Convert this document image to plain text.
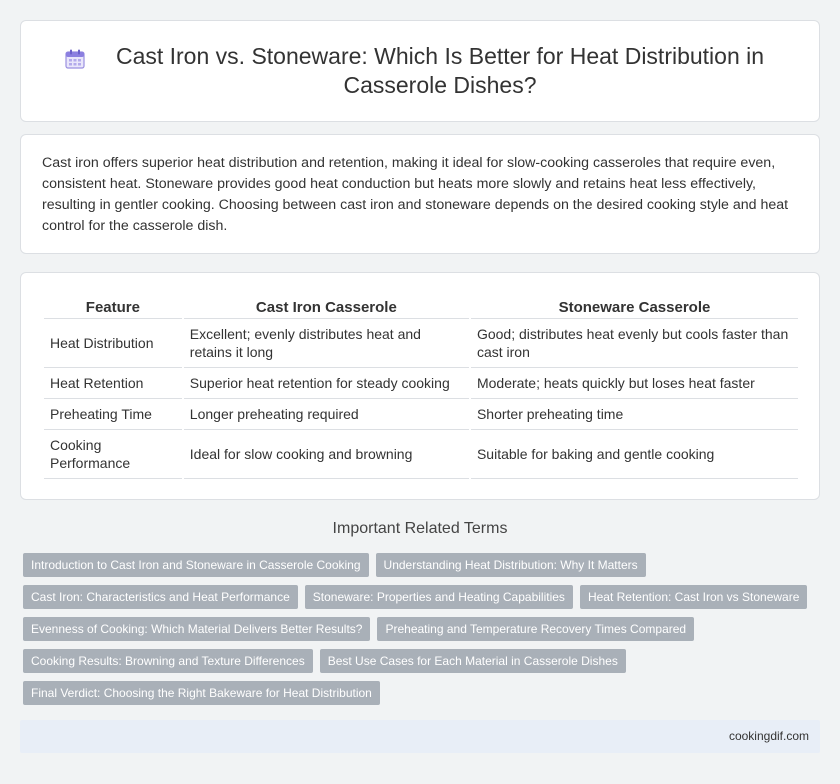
Cast Iron vs. Stoneware: Which Is Better for Heat Distribution in Casserole Dishes?

Cast iron offers superior heat distribution and retention, making it ideal for slow-cooking casseroles that require even, consistent heat. Stoneware provides good heat conduction but heats more slowly and retains heat less effectively, resulting in gentler cooking. Choosing between cast iron and stoneware depends on the desired cooking style and heat control for the casserole dish.

Feature	Cast Iron Casserole	Stoneware Casserole
Heat Distribution	Excellent; evenly distributes heat and retains it long	Good; distributes heat evenly but cools faster than cast iron
Heat Retention	Superior heat retention for steady cooking	Moderate; heats quickly but loses heat faster
Preheating Time	Longer preheating required	Shorter preheating time
Cooking Performance	Ideal for slow cooking and browning	Suitable for baking and gentle cooking
Important Related Terms
Introduction to Cast Iron and Stoneware in Casserole Cooking	Understanding Heat Distribution: Why It Matters
Cast Iron: Characteristics and Heat Performance	Stoneware: Properties and Heating Capabilities	Heat Retention: Cast Iron vs Stoneware
Evenness of Cooking: Which Material Delivers Better Results?	Preheating and Temperature Recovery Times Compared
Cooking Results: Browning and Texture Differences	Best Use Cases for Each Material in Casserole Dishes
Final Verdict: Choosing the Right Bakeware for Heat Distribution
cookingdif.com
